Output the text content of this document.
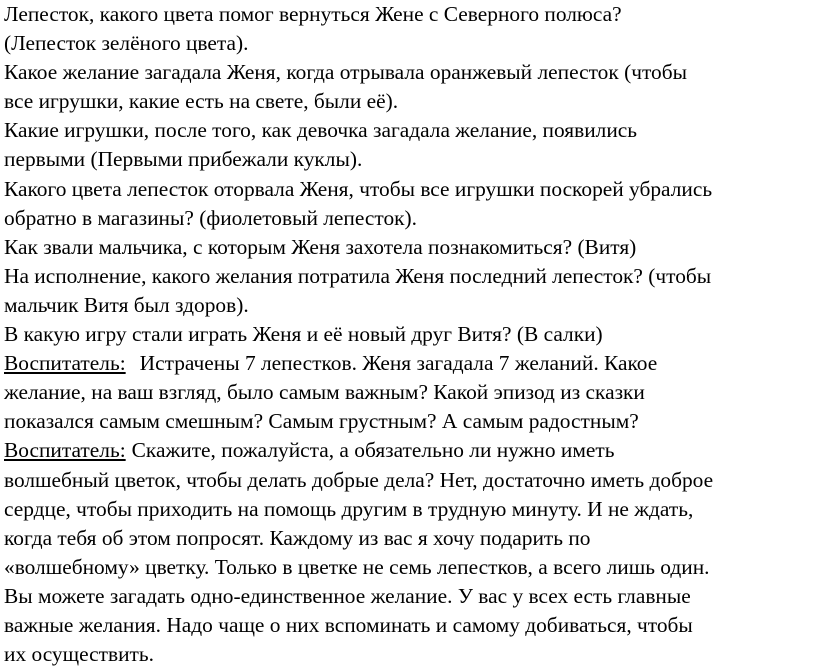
Лепесток, какого цвета помог вернуться Жене с Северного полюса?
(Лепесток зелёного цвета).
Какое желание загадала Женя, когда отрывала оранжевый лепесток (чтобы
все игрушки, какие есть на свете, были её).
Какие игрушки, после того, как девочка загадала желание, появились
первыми (Первыми прибежали куклы).
Какого цвета лепесток оторвала Женя, чтобы все игрушки поскорей убрались
обратно в магазины? (фиолетовый лепесток).
Как звали мальчика, с которым Женя захотела познакомиться? (Витя)
На исполнение, какого желания потратила Женя последний лепесток? (чтобы
мальчик Витя был здоров).
В какую игру стали играть Женя и её новый друг Витя? (В салки)
Воспитатель: Истрачены 7 лепестков. Женя загадала 7 желаний. Какое
желание, на ваш взгляд, было самым важным? Какой эпизод из сказки
показался самым смешным? Самым грустным? А самым радостным?
Воспитатель: Скажите, пожалуйста, а обязательно ли нужно иметь
волшебный цветок, чтобы делать добрые дела? Нет, достаточно иметь доброе
сердце, чтобы приходить на помощь другим в трудную минуту. И не ждать,
когда тебя об этом попросят. Каждому из вас я хочу подарить по
«волшебному» цветку. Только в цветке не семь лепестков, а всего лишь один.
Вы можете загадать одно-единственное желание. У вас у всех есть главные
важные желания. Надо чаще о них вспоминать и самому добиваться, чтобы
их осуществить.
